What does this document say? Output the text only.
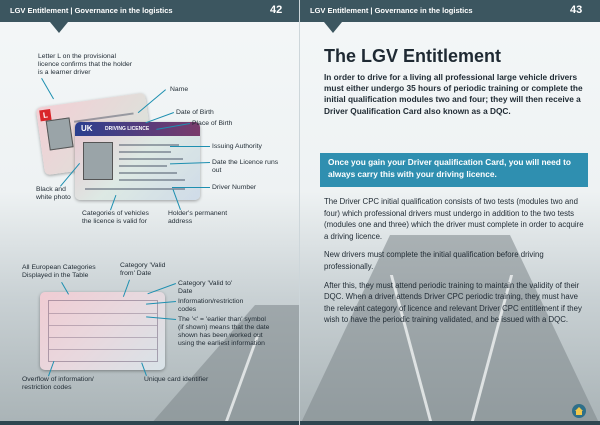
LGV Entitlement | Governance in the logistics	42
L
UK DRIVING LICENCE
Letter L on the provisional licence confirms that the holder is a learner driver
Name
Date of Birth
Place of Birth
Issuing Authority
Date the Licence runs out
Driver Number
Black and white photo
Categories of vehicles the licence is valid for
Holder's permanent address
All European Categories Displayed in the Table
Category 'Valid from' Date
Category 'Valid to' Date
Information/restriction codes
The '<' = 'earlier than' symbol (if shown) means that the date shown has been worked out using the earliest information
Overflow of information/ restriction codes
Unique card identifier
LGV Entitlement | Governance in the logistics	43
The LGV Entitlement
In order to drive for a living all professional large vehicle drivers must either undergo 35 hours of periodic training or complete the initial qualification modules two and four; they will then receive a Driver Qualification Card also known as a DQC.
Once you gain your Driver qualification Card, you will need to always carry this with your driving licence.
The Driver CPC initial qualification consists of two tests (modules two and four) which professional drivers must undergo in addition to the two tests (modules one and three) which the driver must complete in order to acquire a driving licence.
New drivers must complete the initial qualification before driving professionally.
After this, they must attend periodic training to maintain the validity of their DQC. When a driver attends Driver CPC periodic training, they must have the relevant category of licence and relevant Driver CPC entitlement if they wish to have the periodic training validated, and be issued with a DQC.
